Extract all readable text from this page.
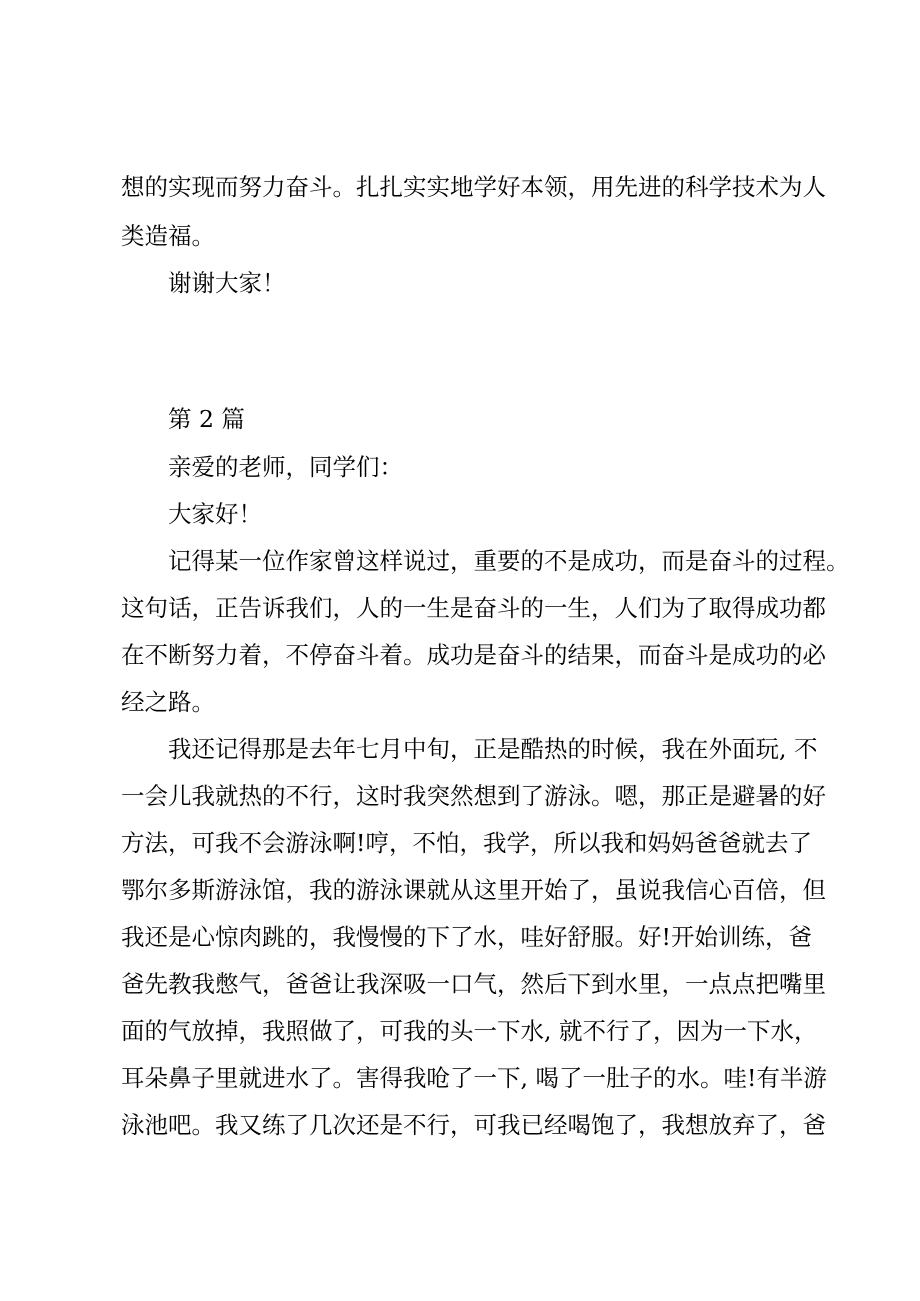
想的实现而努力奋斗。扎扎实实地学好本领，用先进的科学技术为人

类造福。

谢谢大家！

第 2 篇

亲爱的老师，同学们：

大家好！

记得某一位作家曾这样说过，重要的不是成功，而是奋斗的过程。

这句话，正告诉我们，人的一生是奋斗的一生，人们为了取得成功都

在不断努力着，不停奋斗着。成功是奋斗的结果，而奋斗是成功的必

经之路。

我还记得那是去年七月中旬，正是酷热的时候，我在外面玩, 不

一会儿我就热的不行，这时我突然想到了游泳。嗯，那正是避暑的好

方法，可我不会游泳啊!哼，不怕，我学，所以我和妈妈爸爸就去了

鄂尔多斯游泳馆，我的游泳课就从这里开始了，虽说我信心百倍，但

我还是心惊肉跳的，我慢慢的下了水，哇好舒服。好!开始训练，爸

爸先教我憋气，爸爸让我深吸一口气，然后下到水里，一点点把嘴里

面的气放掉，我照做了，可我的头一下水, 就不行了，因为一下水，

耳朵鼻子里就进水了。害得我呛了一下, 喝了一肚子的水。哇!有半游

泳池吧。我又练了几次还是不行，可我已经喝饱了，我想放弃了，爸
